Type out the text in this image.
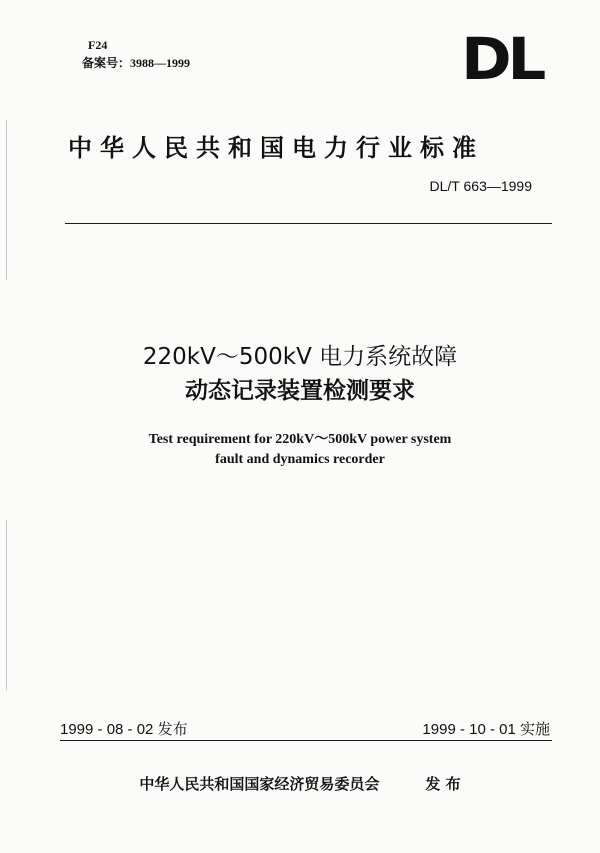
F24
备案号：3988—1999	DL
中华人民共和国电力行业标准
DL/T 663—1999
220kV～500kV 电力系统故障
动态记录装置检测要求
Test requirement for 220kV～500kV power system
fault and dynamics recorder
1999 - 08 - 02 发布	1999 - 10 - 01 实施
中华人民共和国国家经济贸易委员会	发 布
